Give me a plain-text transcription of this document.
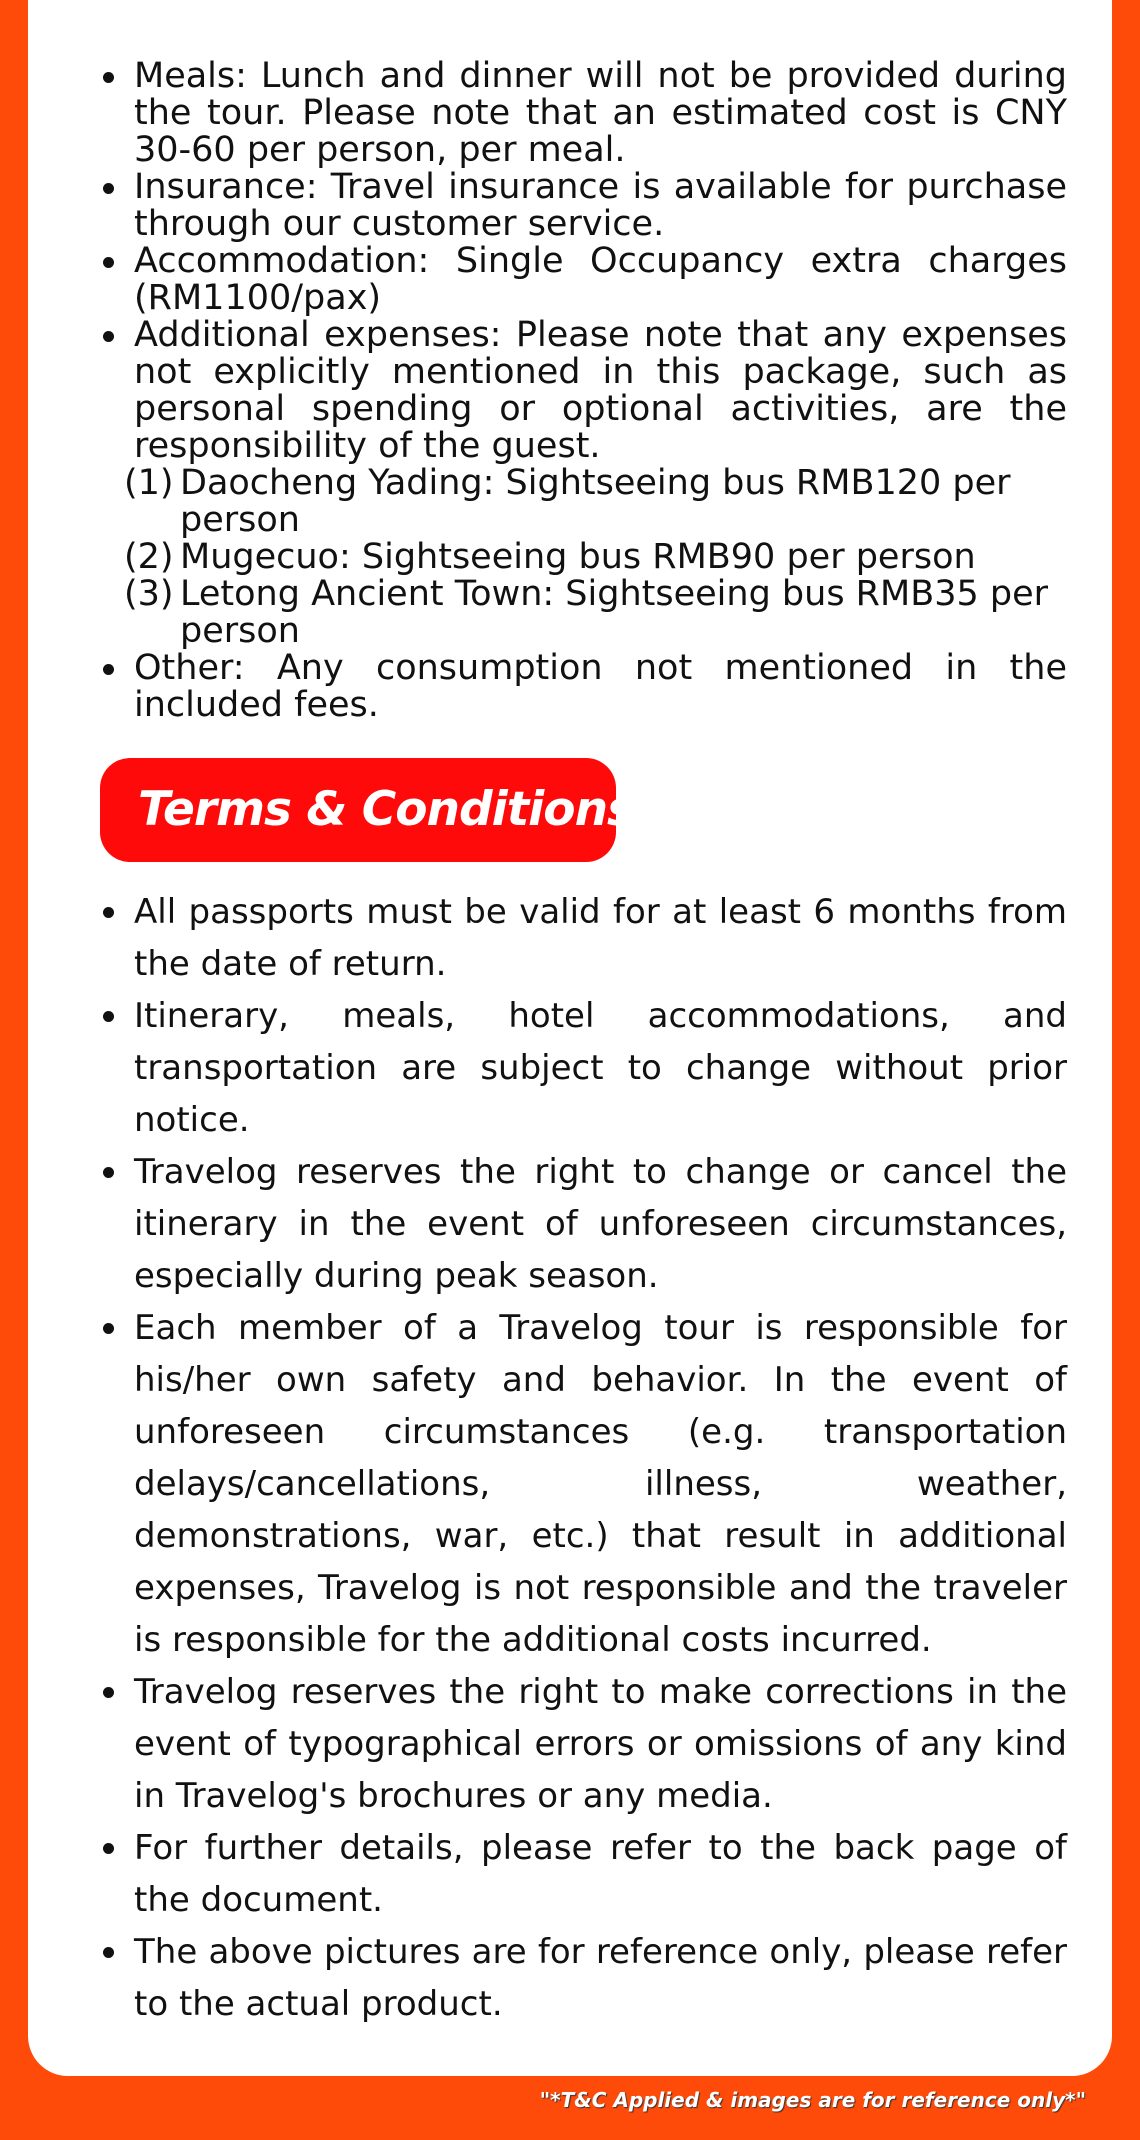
Meals: Lunch and dinner will not be provided during the tour. Please note that an estimated cost is CNY 30-60 per person, per meal.
Insurance: Travel insurance is available for purchase through our customer service.
Accommodation: Single Occupancy extra charges (RM1100/pax)
Additional expenses: Please note that any expenses not explicitly mentioned in this package, such as personal spending or optional activities, are the responsibility of the guest.
(1) Daocheng Yading: Sightseeing bus RMB120 per person
(2) Mugecuo: Sightseeing bus RMB90 per person
(3) Letong Ancient Town: Sightseeing bus RMB35 per person
Other: Any consumption not mentioned in the included fees.
Terms & Conditions
All passports must be valid for at least 6 months from the date of return.
Itinerary, meals, hotel accommodations, and transportation are subject to change without prior notice.
Travelog reserves the right to change or cancel the itinerary in the event of unforeseen circumstances, especially during peak season.
Each member of a Travelog tour is responsible for his/her own safety and behavior. In the event of unforeseen circumstances (e.g. transportation delays/cancellations, illness, weather, demonstrations, war, etc.) that result in additional expenses, Travelog is not responsible and the traveler is responsible for the additional costs incurred.
Travelog reserves the right to make corrections in the event of typographical errors or omissions of any kind in Travelog's brochures or any media.
For further details, please refer to the back page of the document.
The above pictures are for reference only, please refer to the actual product.
"*T&C Applied & images are for reference only*"
